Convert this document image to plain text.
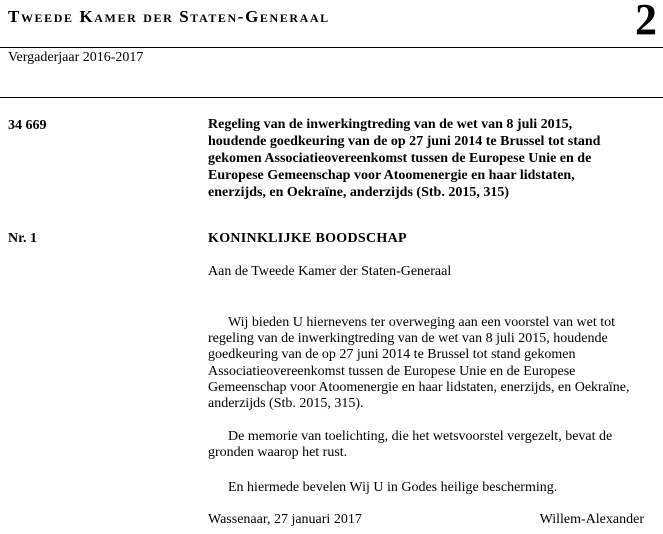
Tweede Kamer der Staten-Generaal	2
Vergaderjaar 2016-2017
34 669	Regeling van de inwerkingtreding van de wet van 8 juli 2015, houdende goedkeuring van de op 27 juni 2014 te Brussel tot stand gekomen Associatieovereenkomst tussen de Europese Unie en de Europese Gemeenschap voor Atoomenergie en haar lidstaten, enerzijds, en Oekraïne, anderzijds (Stb. 2015, 315)
Nr. 1	KONINKLIJKE BOODSCHAP
Aan de Tweede Kamer der Staten-Generaal

Wij bieden U hiernevens ter overweging aan een voorstel van wet tot regeling van de inwerkingtreding van de wet van 8 juli 2015, houdende goedkeuring van de op 27 juni 2014 te Brussel tot stand gekomen Associatieovereenkomst tussen de Europese Unie en de Europese Gemeenschap voor Atoomenergie en haar lidstaten, enerzijds, en Oekraïne, anderzijds (Stb. 2015, 315).

De memorie van toelichting, die het wetsvoorstel vergezelt, bevat de gronden waarop het rust.

En hiermede bevelen Wij U in Godes heilige bescherming.

Wassenaar, 27 januari 2017	Willem-Alexander
